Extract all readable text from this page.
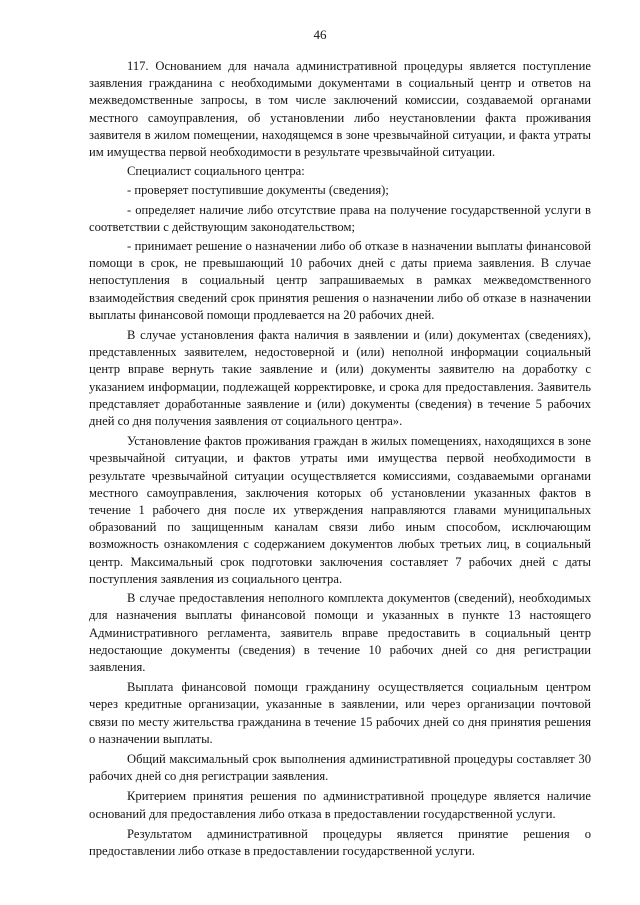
46

117. Основанием для начала административной процедуры является поступление заявления гражданина с необходимыми документами в социальный центр и ответов на межведомственные запросы, в том числе заключений комиссии, создаваемой органами местного самоуправления, об установлении либо неустановлении факта проживания заявителя в жилом помещении, находящемся в зоне чрезвычайной ситуации, и факта утраты им имущества первой необходимости в результате чрезвычайной ситуации.

Специалист социального центра:

- проверяет поступившие документы (сведения);

- определяет наличие либо отсутствие права на получение государственной услуги в соответствии с действующим законодательством;

- принимает решение о назначении либо об отказе в назначении выплаты финансовой помощи в срок, не превышающий 10 рабочих дней с даты приема заявления. В случае непоступления в социальный центр запрашиваемых в рамках межведомственного взаимодействия сведений срок принятия решения о назначении либо об отказе в назначении выплаты финансовой помощи продлевается на 20 рабочих дней.

В случае установления факта наличия в заявлении и (или) документах (сведениях), представленных заявителем, недостоверной и (или) неполной информации социальный центр вправе вернуть такие заявление и (или) документы заявителю на доработку с указанием информации, подлежащей корректировке, и срока для предоставления. Заявитель представляет доработанные заявление и (или) документы (сведения) в течение 5 рабочих дней со дня получения заявления от социального центра».

Установление фактов проживания граждан в жилых помещениях, находящихся в зоне чрезвычайной ситуации, и фактов утраты ими имущества первой необходимости в результате чрезвычайной ситуации осуществляется комиссиями, создаваемыми органами местного самоуправления, заключения которых об установлении указанных фактов в течение 1 рабочего дня после их утверждения направляются главами муниципальных образований по защищенным каналам связи либо иным способом, исключающим возможность ознакомления с содержанием документов любых третьих лиц, в социальный центр. Максимальный срок подготовки заключения составляет 7 рабочих дней с даты поступления заявления из социального центра.

В случае предоставления неполного комплекта документов (сведений), необходимых для назначения выплаты финансовой помощи и указанных в пункте 13 настоящего Административного регламента, заявитель вправе предоставить в социальный центр недостающие документы (сведения) в течение 10 рабочих дней со дня регистрации заявления.

Выплата финансовой помощи гражданину осуществляется социальным центром через кредитные организации, указанные в заявлении, или через организации почтовой связи по месту жительства гражданина в течение 15 рабочих дней со дня принятия решения о назначении выплаты.

Общий максимальный срок выполнения административной процедуры составляет 30 рабочих дней со дня регистрации заявления.

Критерием принятия решения по административной процедуре является наличие оснований для предоставления либо отказа в предоставлении государственной услуги.

Результатом административной процедуры является принятие решения о предоставлении либо отказе в предоставлении государственной услуги.
